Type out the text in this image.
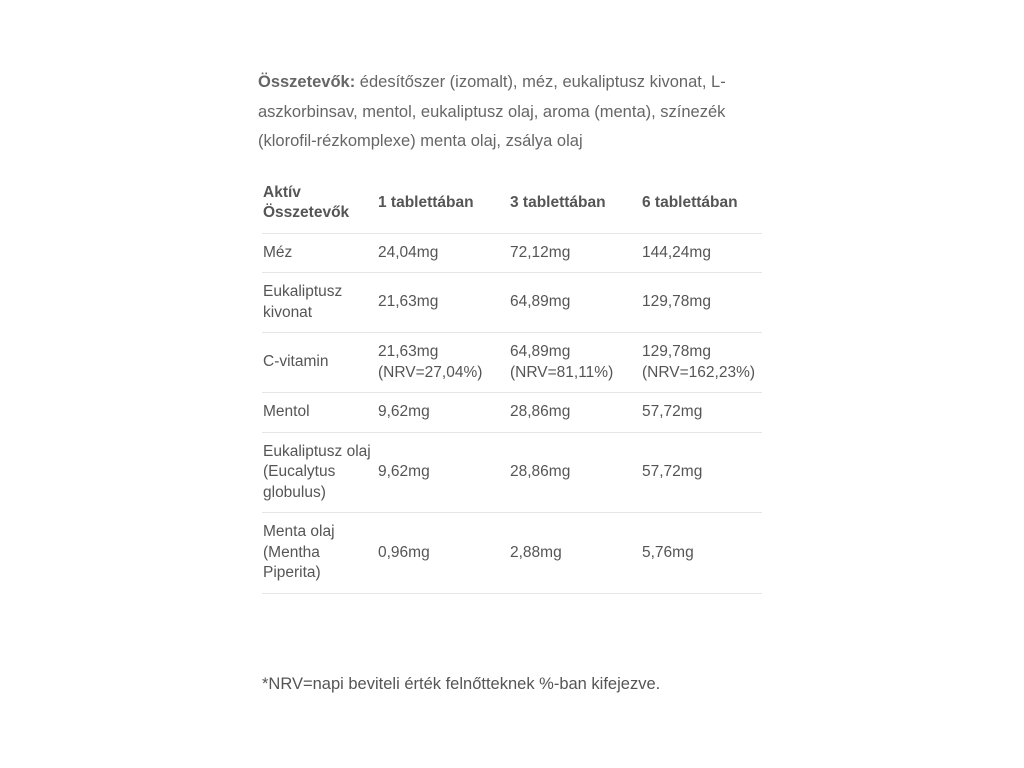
Összetevők: édesítőszer (izomalt), méz, eukaliptusz kivonat, L-aszkorbinsav, mentol, eukaliptusz olaj, aroma (menta), színezék (klorofil-rézkomplexe) menta olaj, zsálya olaj

Aktív Összetevők	1 tablettában	3 tablettában	6 tablettában
Méz	24,04mg	72,12mg	144,24mg
Eukaliptusz kivonat	21,63mg	64,89mg	129,78mg
C-vitamin	21,63mg (NRV=27,04%)	64,89mg (NRV=81,11%)	129,78mg (NRV=162,23%)
Mentol	9,62mg	28,86mg	57,72mg
Eukaliptusz olaj (Eucalytus globulus)	9,62mg	28,86mg	57,72mg
Menta olaj (Mentha Piperita)	0,96mg	2,88mg	5,76mg

*NRV=napi beviteli érték felnőtteknek %-ban kifejezve.
